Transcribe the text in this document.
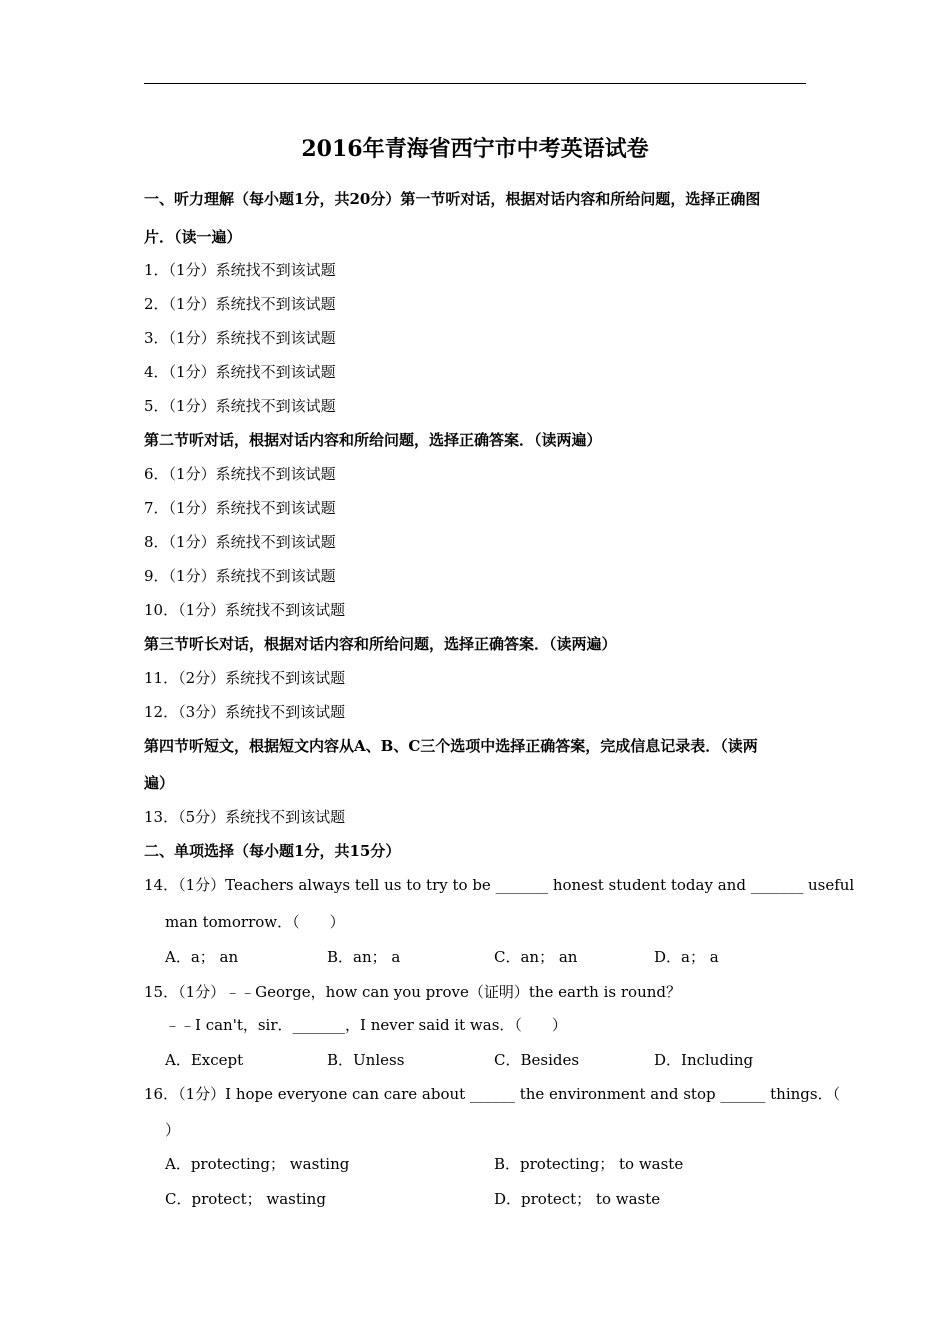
2016年青海省西宁市中考英语试卷
一、听力理解（每小题1分，共20分）第一节听对话，根据对话内容和所给问题，选择正确图
片．（读一遍）
1．（1分）系统找不到该试题
2．（1分）系统找不到该试题
3．（1分）系统找不到该试题
4．（1分）系统找不到该试题
5．（1分）系统找不到该试题
第二节听对话，根据对话内容和所给问题，选择正确答案．（读两遍）
6．（1分）系统找不到该试题
7．（1分）系统找不到该试题
8．（1分）系统找不到该试题
9．（1分）系统找不到该试题
10．（1分）系统找不到该试题
第三节听长对话，根据对话内容和所给问题，选择正确答案．（读两遍）
11．（2分）系统找不到该试题
12．（3分）系统找不到该试题
第四节听短文，根据短文内容从A、B、C三个选项中选择正确答案，完成信息记录表．（读两
遍）
13．（5分）系统找不到该试题
二、单项选择（每小题1分，共15分）
14．（1分）Teachers always tell us to try to be _______ honest student today and _______ useful
man tomorrow．（　　）
A．a； an	B．an； a	C．an； an	D．a； a
15．（1分）﹣﹣George，how can you prove（证明）the earth is round？
﹣﹣I can't，sir．_______，I never said it was．（　　）
A．Except	B．Unless	C．Besides	D．Including
16．（1分）I hope everyone can care about ______ the environment and stop ______ things．（
）
A．protecting； wasting	B．protecting； to waste
C．protect； wasting	D．protect； to waste
